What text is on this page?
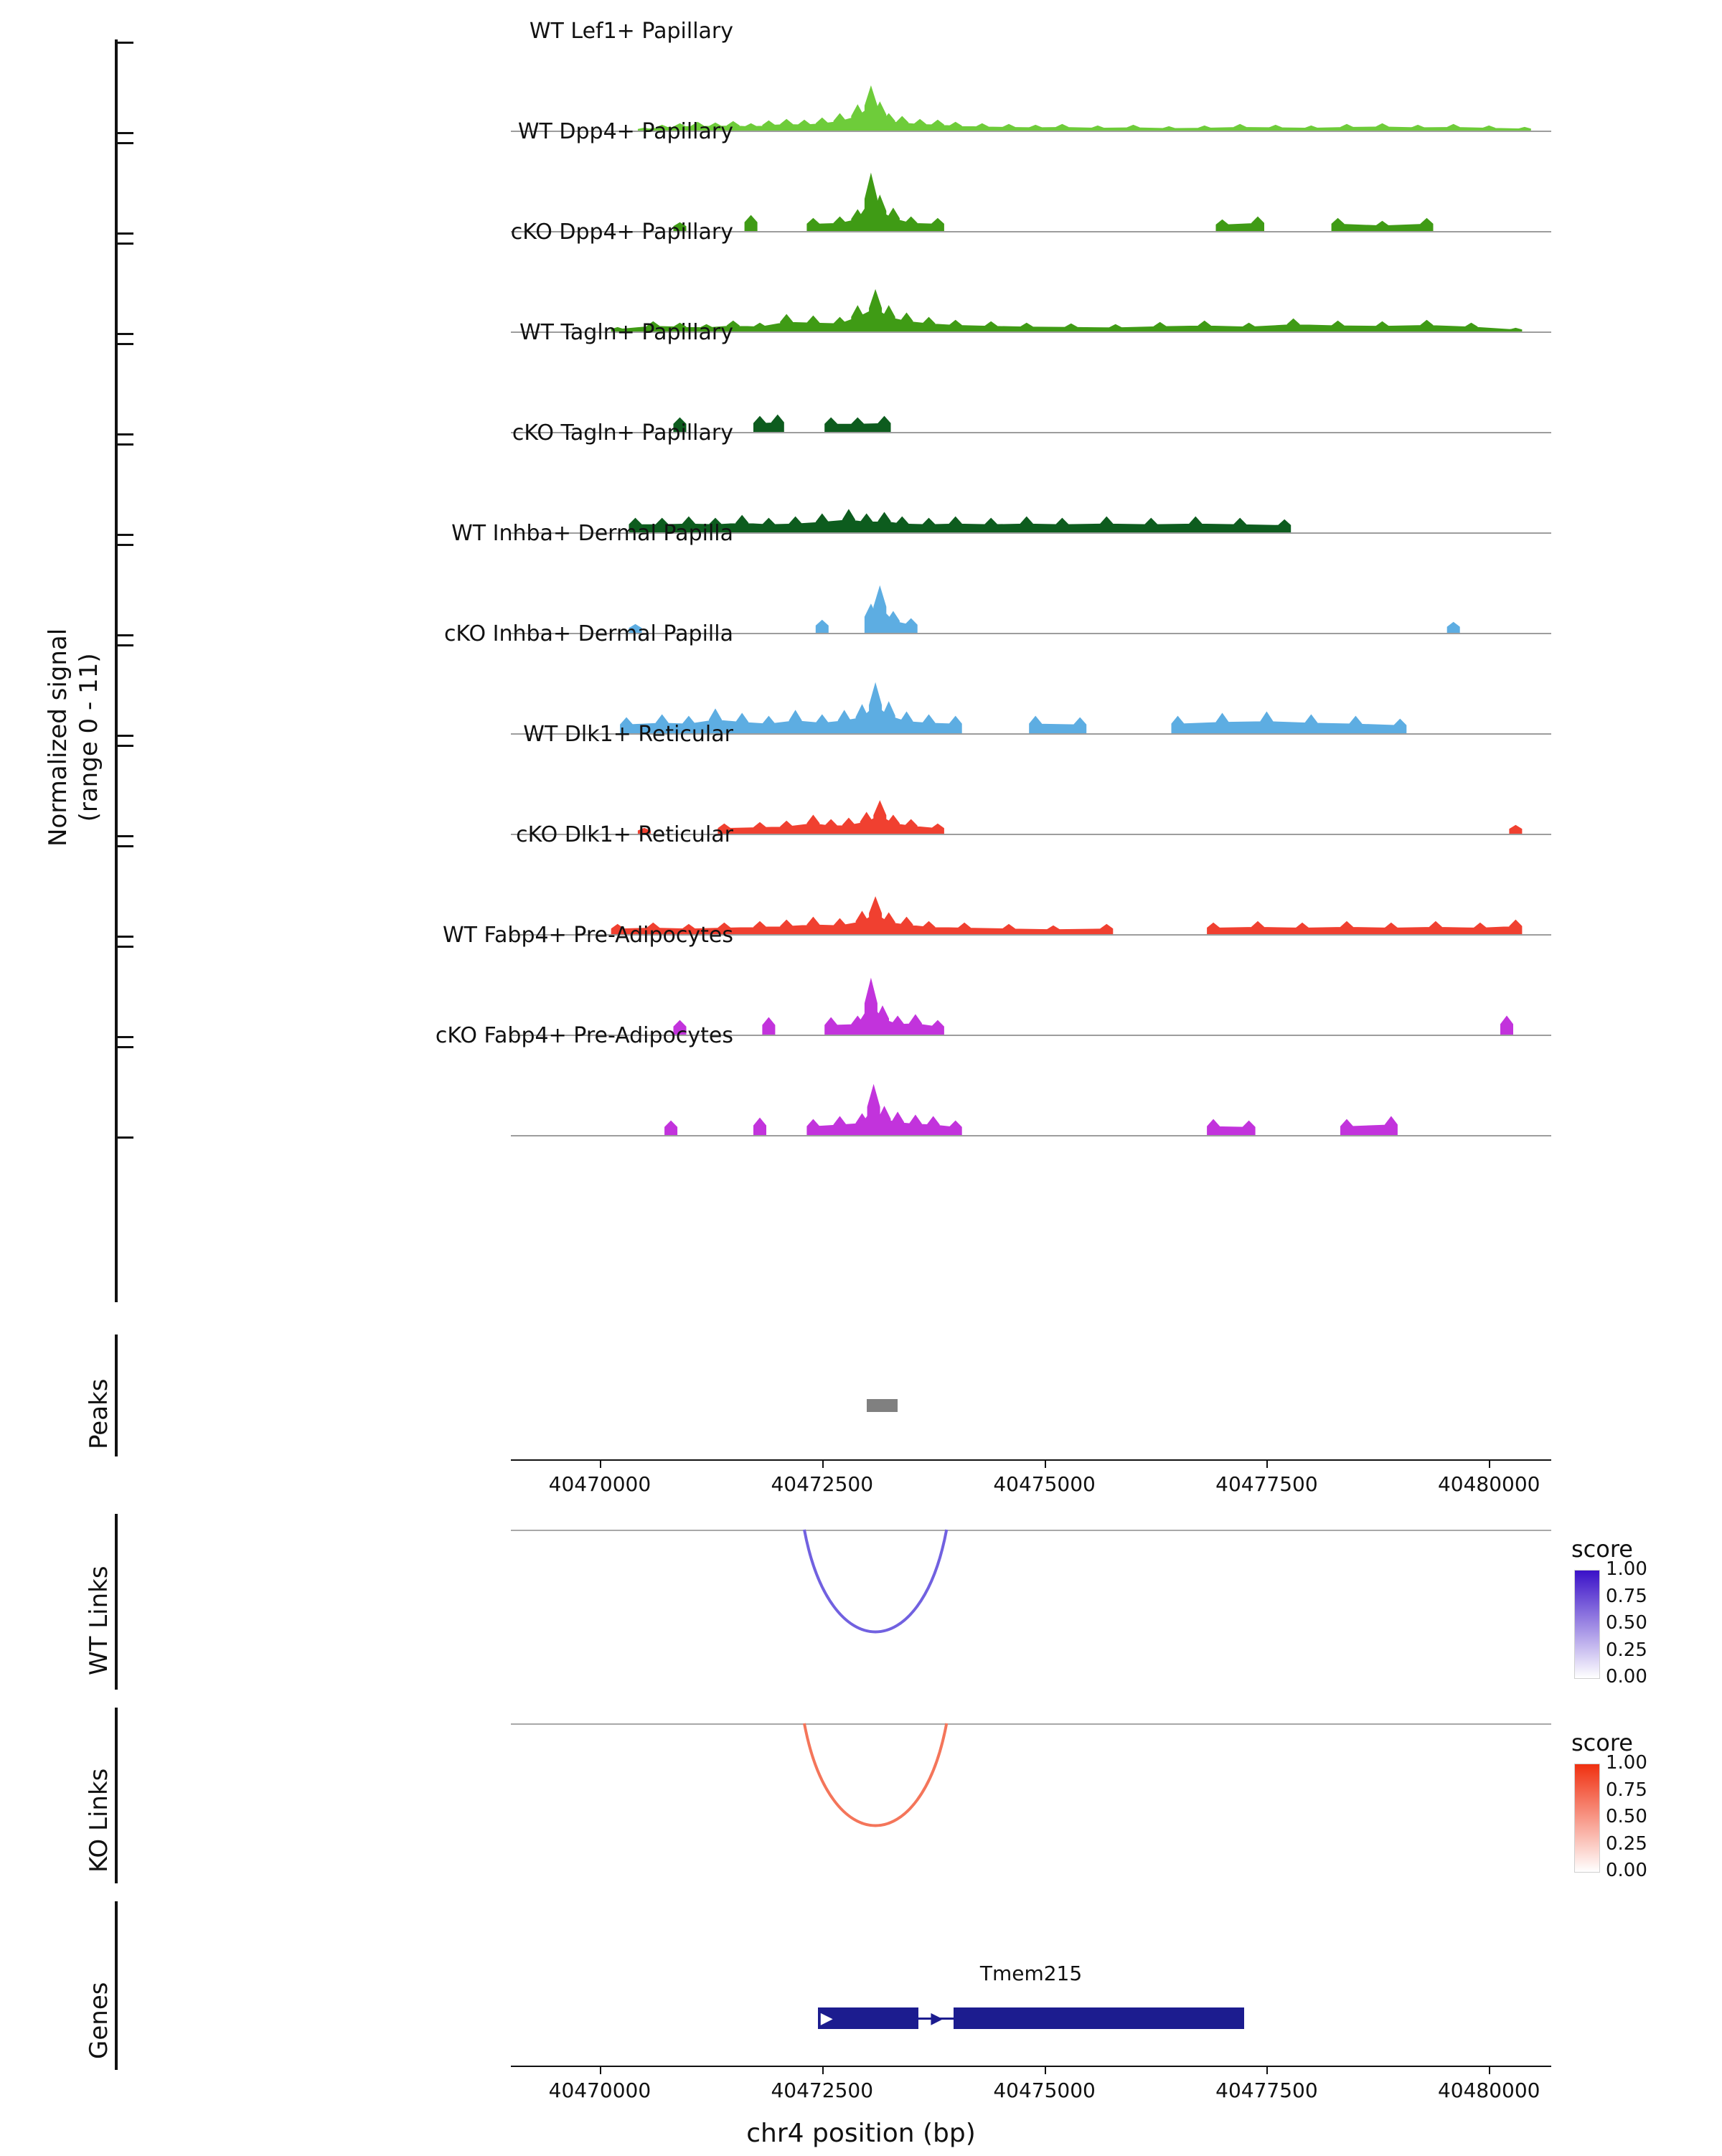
Normalized signal (range 0 - 11)
WT Lef1+ Papillary
WT Dpp4+ Papillary
cKO Dpp4+ Papillary
WT Tagln+ Papillary
cKO Tagln+ Papillary
WT Inhba+ Dermal Papilla
cKO Inhba+ Dermal Papilla
WT Dlk1+ Reticular
cKO Dlk1+ Reticular
WT Fabp4+ Pre-Adipocytes
cKO Fabp4+ Pre-Adipocytes
Peaks
40470000	40472500	40475000	40477500	40480000
WT Links
KO Links
Genes	▶	▶
Tmem215
40470000	40472500	40475000	40477500	40480000
chr4 position (bp)
score
1.00
0.75
0.50
0.25
0.00
score
1.00
0.75
0.50
0.25
0.00
